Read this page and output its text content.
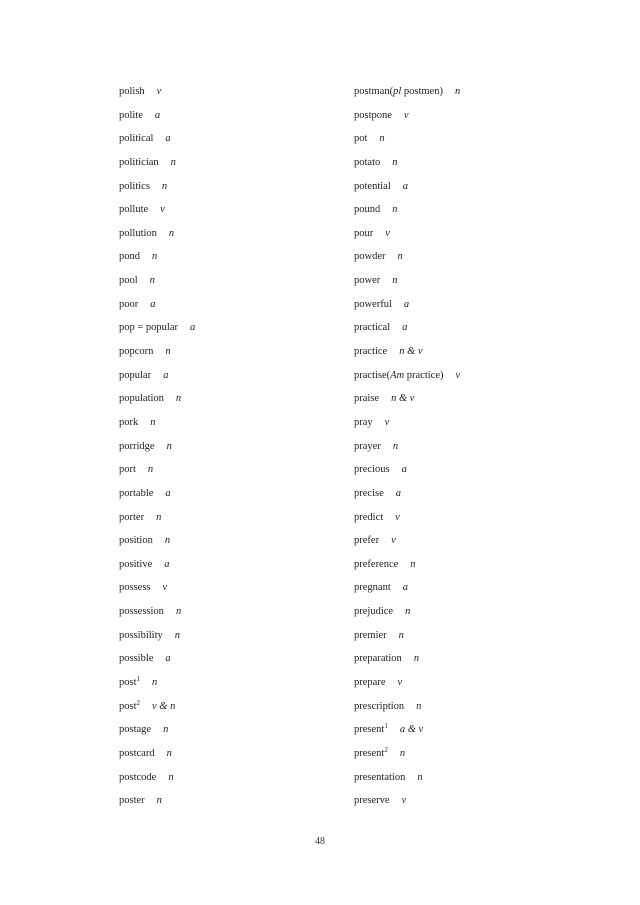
polish v
polite a
political a
politician n
politics n
pollute v
pollution n
pond n
pool n
poor a
pop = popular a
popcorn n
popular a
population n
pork n
porridge n
port n
portable a
porter n
position n
positive a
possess v
possession n
possibility n
possible a
post$^1$ n
post$^2$ v & n
postage n
postcard n
postcode n
poster n
postman(pl postmen) n
postpone v
pot n
potato n
potential a
pound n
pour v
powder n
power n
powerful a
practical a
practice n & v
practise(Am practice) v
praise n & v
pray v
prayer n
precious a
precise a
predict v
prefer v
preference n
pregnant a
prejudice n
premier n
preparation n
prepare v
prescription n
present$^1$ a & v
present$^2$ n
presentation n
preserve v
48
